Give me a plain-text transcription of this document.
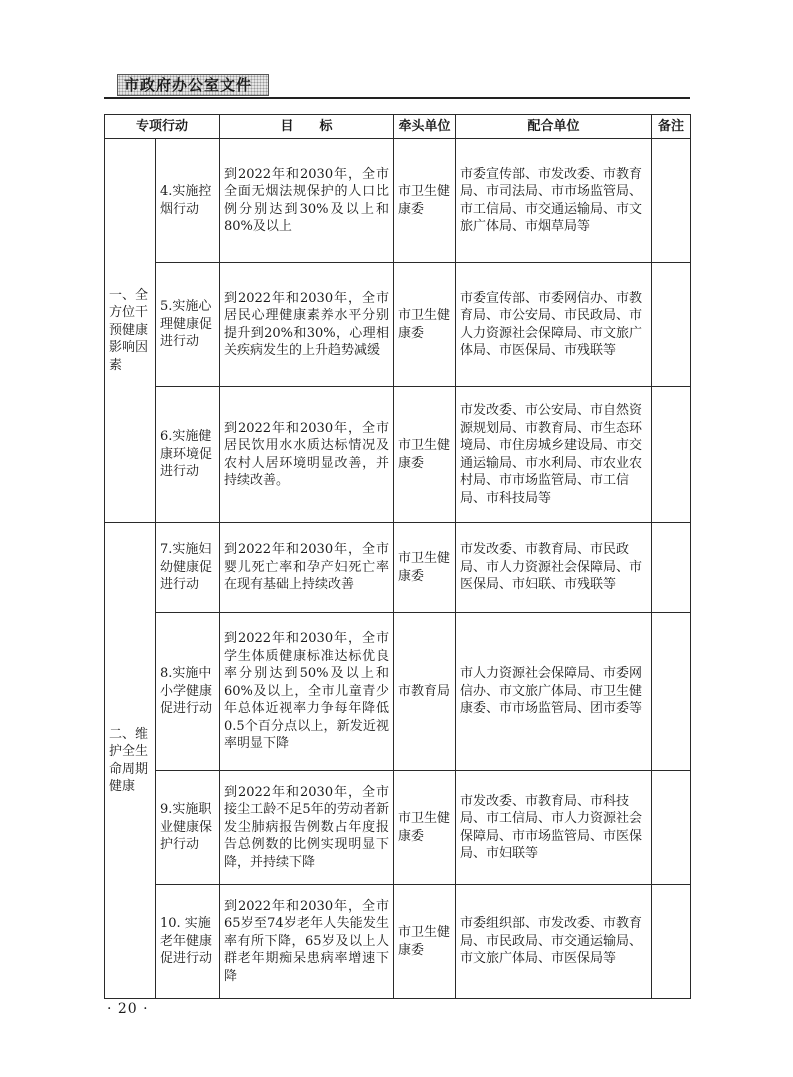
市政府办公室文件
专项行动		目　　标	牵头单位	配合单位	备注
一、全方位干预健康影响因素	4.实施控烟行动	到2022年和2030年，全市全面无烟法规保护的人口比例分别达到30%及以上和80%及以上	市卫生健康委	市委宣传部、市发改委、市教育局、市司法局、市市场监管局、市工信局、市交通运输局、市文旅广体局、市烟草局等	
	5.实施心理健康促进行动	到2022年和2030年，全市居民心理健康素养水平分别提升到20%和30%，心理相关疾病发生的上升趋势减缓	市卫生健康委	市委宣传部、市委网信办、市教育局、市公安局、市民政局、市人力资源社会保障局、市文旅广体局、市医保局、市残联等	
	6.实施健康环境促进行动	到2022年和2030年，全市居民饮用水水质达标情况及农村人居环境明显改善，并持续改善。	市卫生健康委	市发改委、市公安局、市自然资源规划局、市教育局、市生态环境局、市住房城乡建设局、市交通运输局、市水利局、市农业农村局、市市场监管局、市工信局、市科技局等	
二、维护全生命周期健康	7.实施妇幼健康促进行动	到2022年和2030年，全市婴儿死亡率和孕产妇死亡率在现有基础上持续改善	市卫生健康委	市发改委、市教育局、市民政局、市人力资源社会保障局、市医保局、市妇联、市残联等	
	8.实施中小学健康促进行动	到2022年和2030年，全市学生体质健康标准达标优良率分别达到50%及以上和60%及以上，全市儿童青少年总体近视率力争每年降低0.5个百分点以上，新发近视率明显下降	市教育局	市人力资源社会保障局、市委网信办、市文旅广体局、市卫生健康委、市市场监管局、团市委等	
	9.实施职业健康保护行动	到2022年和2030年，全市接尘工龄不足5年的劳动者新发尘肺病报告例数占年度报告总例数的比例实现明显下降，并持续下降	市卫生健康委	市发改委、市教育局、市科技局、市工信局、市人力资源社会保障局、市市场监管局、市医保局、市妇联等	
	10. 实施老年健康促进行动	到2022年和2030年，全市65岁至74岁老年人失能发生率有所下降，65岁及以上人群老年期痴呆患病率增速下降	市卫生健康委	市委组织部、市发改委、市教育局、市民政局、市交通运输局、市文旅广体局、市医保局等	
· 20 ·
